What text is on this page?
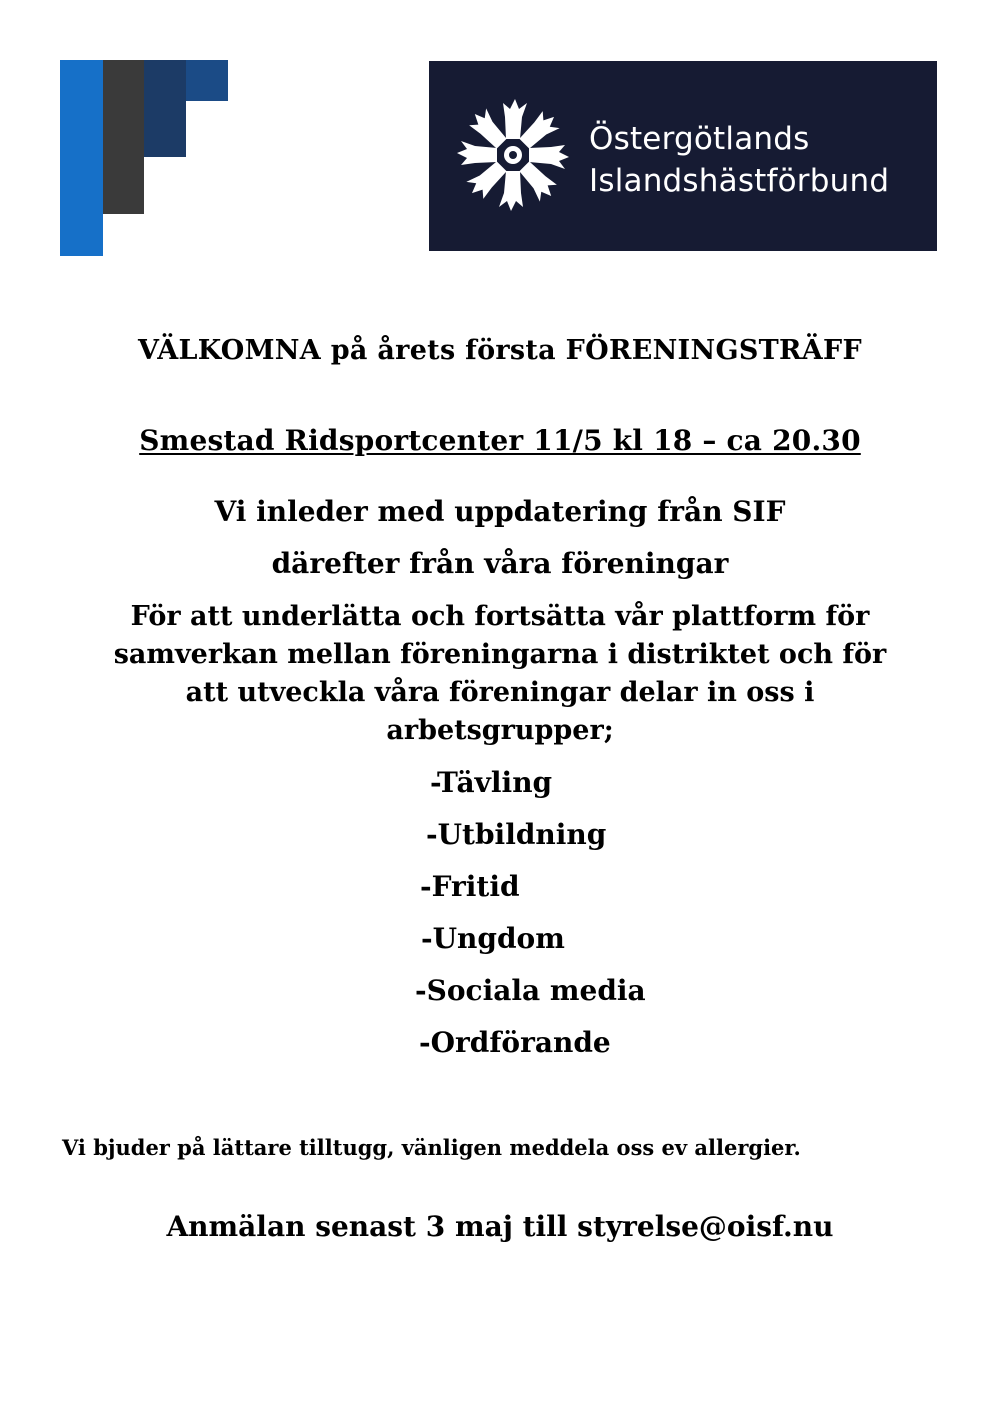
Östergötlands
Islandshästförbund
VÄLKOMNA på årets första FÖRENINGSTRÄFF
Smestad Ridsportcenter 11/5 kl 18 – ca 20.30
Vi inleder med uppdatering från SIF
därefter från våra föreningar
För att underlätta och fortsätta vår plattform för
samverkan mellan föreningarna i distriktet och för
att utveckla våra föreningar delar in oss i
arbetsgrupper;
-Tävling
-Utbildning
-Fritid
-Ungdom
-Sociala media
-Ordförande
Vi bjuder på lättare tilltugg, vänligen meddela oss ev allergier.
Anmälan senast 3 maj till styrelse@oisf.nu
